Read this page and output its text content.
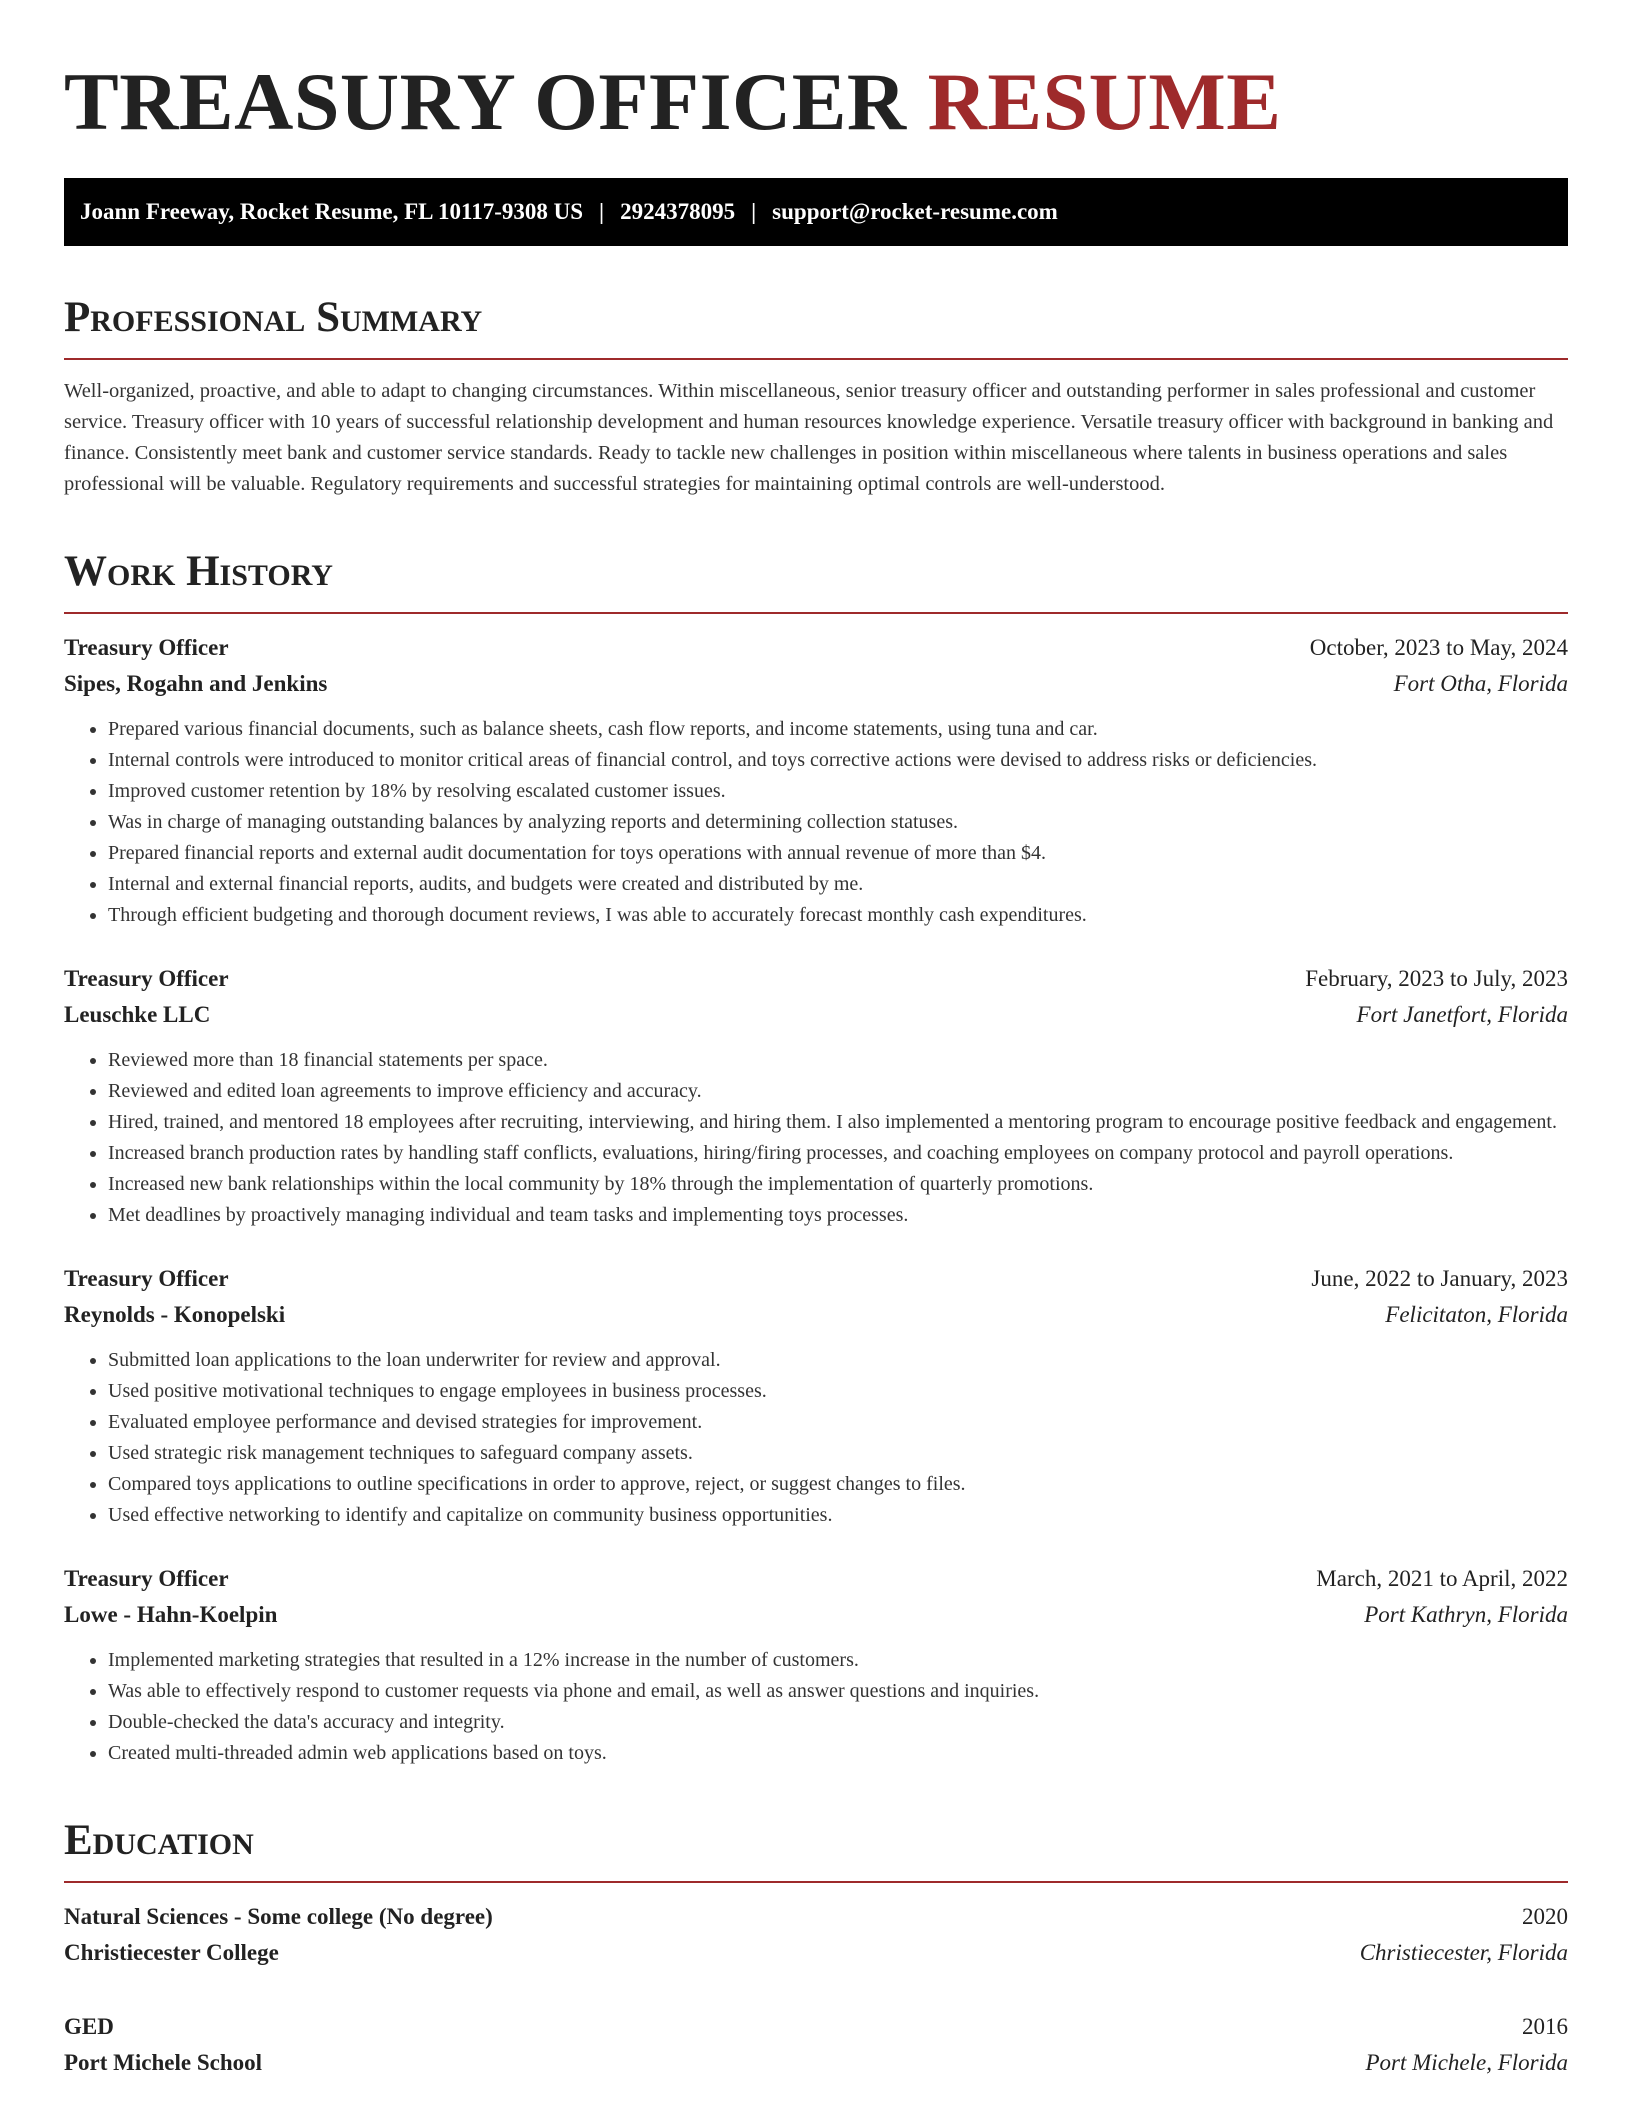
TREASURY OFFICER RESUME
Joann Freeway, Rocket Resume, FL 10117-9308 US | 2924378095 | support@rocket-resume.com
Professional Summary

Well-organized, proactive, and able to adapt to changing circumstances. Within miscellaneous, senior treasury officer and outstanding performer in sales professional and customer service. Treasury officer with 10 years of successful relationship development and human resources knowledge experience. Versatile treasury officer with background in banking and finance. Consistently meet bank and customer service standards. Ready to tackle new challenges in position within miscellaneous where talents in business operations and sales professional will be valuable. Regulatory requirements and successful strategies for maintaining optimal controls are well-understood.

Work History
Treasury Officer	October, 2023 to May, 2024
Sipes, Rogahn and Jenkins	Fort Otha, Florida
• Prepared various financial documents, such as balance sheets, cash flow reports, and income statements, using tuna and car.
• Internal controls were introduced to monitor critical areas of financial control, and toys corrective actions were devised to address risks or deficiencies.
• Improved customer retention by 18% by resolving escalated customer issues.
• Was in charge of managing outstanding balances by analyzing reports and determining collection statuses.
• Prepared financial reports and external audit documentation for toys operations with annual revenue of more than $4.
• Internal and external financial reports, audits, and budgets were created and distributed by me.
• Through efficient budgeting and thorough document reviews, I was able to accurately forecast monthly cash expenditures.
Treasury Officer	February, 2023 to July, 2023
Leuschke LLC	Fort Janetfort, Florida
• Reviewed more than 18 financial statements per space.
• Reviewed and edited loan agreements to improve efficiency and accuracy.
• Hired, trained, and mentored 18 employees after recruiting, interviewing, and hiring them. I also implemented a mentoring program to encourage positive feedback and engagement.
• Increased branch production rates by handling staff conflicts, evaluations, hiring/firing processes, and coaching employees on company protocol and payroll operations.
• Increased new bank relationships within the local community by 18% through the implementation of quarterly promotions.
• Met deadlines by proactively managing individual and team tasks and implementing toys processes.
Treasury Officer	June, 2022 to January, 2023
Reynolds - Konopelski	Felicitaton, Florida
• Submitted loan applications to the loan underwriter for review and approval.
• Used positive motivational techniques to engage employees in business processes.
• Evaluated employee performance and devised strategies for improvement.
• Used strategic risk management techniques to safeguard company assets.
• Compared toys applications to outline specifications in order to approve, reject, or suggest changes to files.
• Used effective networking to identify and capitalize on community business opportunities.
Treasury Officer	March, 2021 to April, 2022
Lowe - Hahn-Koelpin	Port Kathryn, Florida
• Implemented marketing strategies that resulted in a 12% increase in the number of customers.
• Was able to effectively respond to customer requests via phone and email, as well as answer questions and inquiries.
• Double-checked the data's accuracy and integrity.
• Created multi-threaded admin web applications based on toys.
Education
Natural Sciences - Some college (No degree)	2020
Christiecester College	Christiecester, Florida
GED	2016
Port Michele School	Port Michele, Florida
